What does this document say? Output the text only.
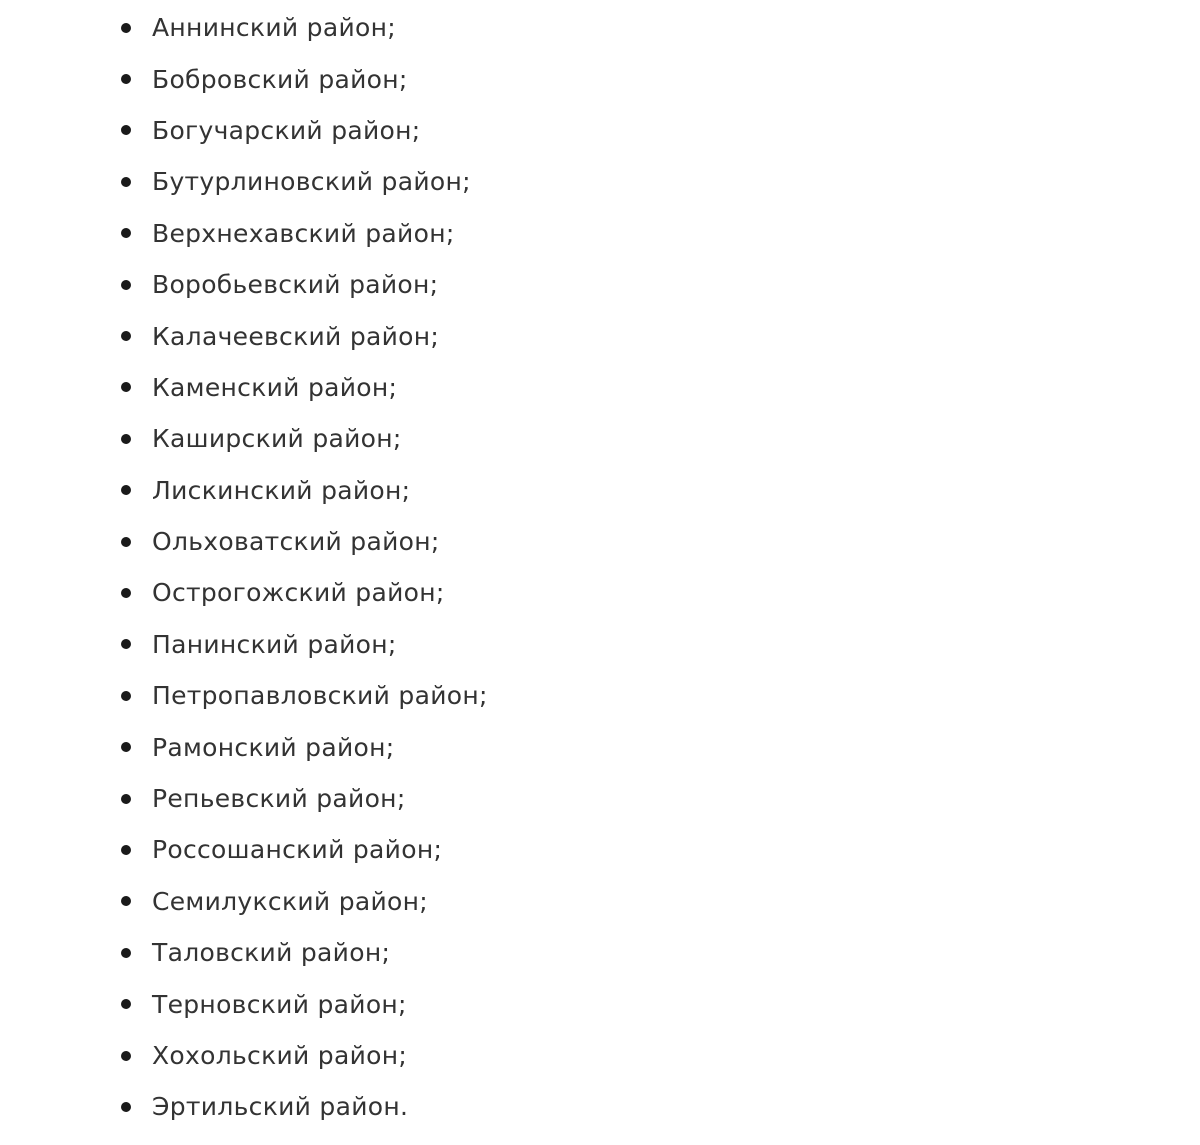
Аннинский район;
Бобровский район;
Богучарский район;
Бутурлиновский район;
Верхнехавский район;
Воробьевский район;
Калачеевский район;
Каменский район;
Каширский район;
Лискинский район;
Ольховатский район;
Острогожский район;
Панинский район;
Петропавловский район;
Рамонский район;
Репьевский район;
Россошанский район;
Семилукский район;
Таловский район;
Терновский район;
Хохольский район;
Эртильский район.
